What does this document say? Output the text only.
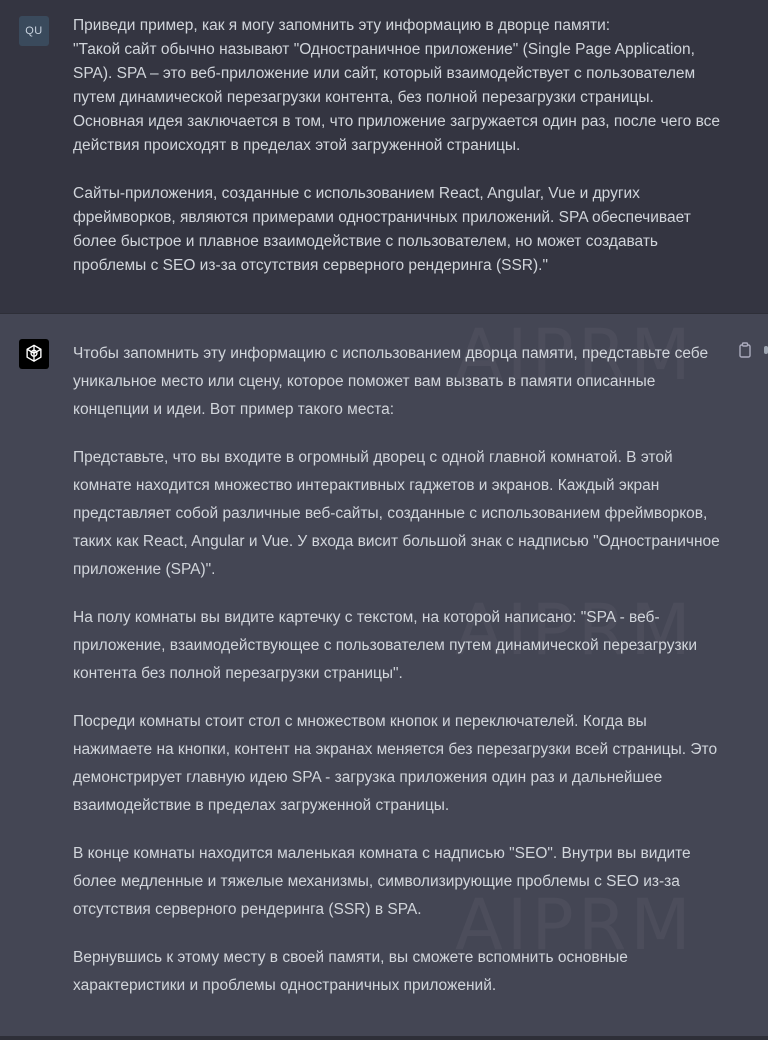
QU Приведи пример, как я могу запомнить эту информацию в дворце памяти:
"Такой сайт обычно называют "Одностраничное приложение" (Single Page Application, SPA). SPA – это веб-приложение или сайт, который взаимодействует с пользователем путем динамической перезагрузки контента, без полной перезагрузки страницы. Основная идея заключается в том, что приложение загружается один раз, после чего все действия происходят в пределах этой загруженной страницы.

Сайты-приложения, созданные с использованием React, Angular, Vue и других фреймворков, являются примерами одностраничных приложений. SPA обеспечивает более быстрое и плавное взаимодействие с пользователем, но может создавать проблемы с SEO из-за отсутствия серверного рендеринга (SSR)."

Чтобы запомнить эту информацию с использованием дворца памяти, представьте себе уникальное место или сцену, которое поможет вам вызвать в памяти описанные концепции и идеи. Вот пример такого места:

Представьте, что вы входите в огромный дворец с одной главной комнатой. В этой комнате находится множество интерактивных гаджетов и экранов. Каждый экран представляет собой различные веб-сайты, созданные с использованием фреймворков, таких как React, Angular и Vue. У входа висит большой знак с надписью "Одностраничное приложение (SPA)".

На полу комнаты вы видите картечку с текстом, на которой написано: "SPA - веб-приложение, взаимодействующее с пользователем путем динамической перезагрузки контента без полной перезагрузки страницы".

Посреди комнаты стоит стол с множеством кнопок и переключателей. Когда вы нажимаете на кнопки, контент на экранах меняется без перезагрузки всей страницы. Это демонстрирует главную идею SPA - загрузка приложения один раз и дальнейшее взаимодействие в пределах загруженной страницы.

В конце комнаты находится маленькая комната с надписью "SEO". Внутри вы видите более медленные и тяжелые механизмы, символизирующие проблемы с SEO из-за отсутствия серверного рендеринга (SSR) в SPA.

Вернувшись к этому месту в своей памяти, вы сможете вспомнить основные характеристики и проблемы одностраничных приложений.
